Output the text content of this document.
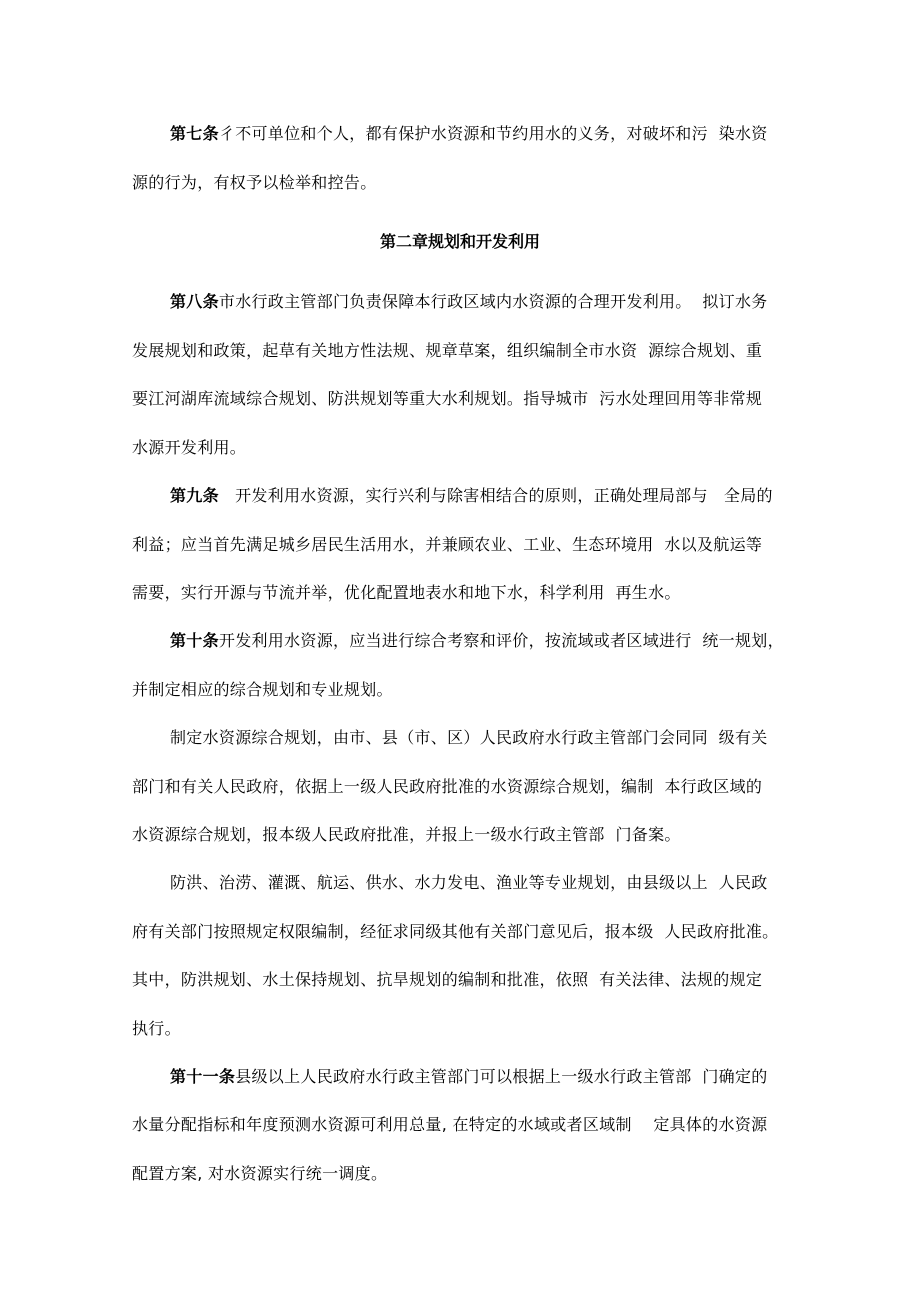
第七条彳不可单位和个人，都有保护水资源和节约用水的义务，对破坏和污  染水资
源的行为，有权予以检举和控告。
第二章规划和开发利用
第八条市水行政主管部门负责保障本行政区域内水资源的合理开发利用。  拟订水务
发展规划和政策，起草有关地方性法规、规章草案，组织编制全市水资  源综合规划、重
要江河湖库流域综合规划、防洪规划等重大水利规划。指导城市  污水处理回用等非常规
水源开发利用。
第九条   开发利用水资源，实行兴利与除害相结合的原则，正确处理局部与   全局的
利益；应当首先满足城乡居民生活用水，并兼顾农业、工业、生态环境用  水以及航运等
需要，实行开源与节流并举，优化配置地表水和地下水，科学利用  再生水。
第十条开发利用水资源，应当进行综合考察和评价，按流域或者区域进行  统一规划，
并制定相应的综合规划和专业规划。
制定水资源综合规划，由市、县（市、区）人民政府水行政主管部门会同同  级有关
部门和有关人民政府，依据上一级人民政府批准的水资源综合规划，编制  本行政区域的
水资源综合规划，报本级人民政府批准，并报上一级水行政主管部  门备案。
防洪、治涝、灌溉、航运、供水、水力发电、渔业等专业规划，由县级以上  人民政
府有关部门按照规定权限编制，经征求同级其他有关部门意见后，报本级  人民政府批准。
其中，防洪规划、水土保持规划、抗旱规划的编制和批准，依照  有关法律、法规的规定
执行。
第十一条县级以上人民政府水行政主管部门可以根据上一级水行政主管部  门确定的
水量分配指标和年度预测水资源可利用总量, 在特定的水域或者区域制    定具体的水资源
配置方案, 对水资源实行统一调度。
